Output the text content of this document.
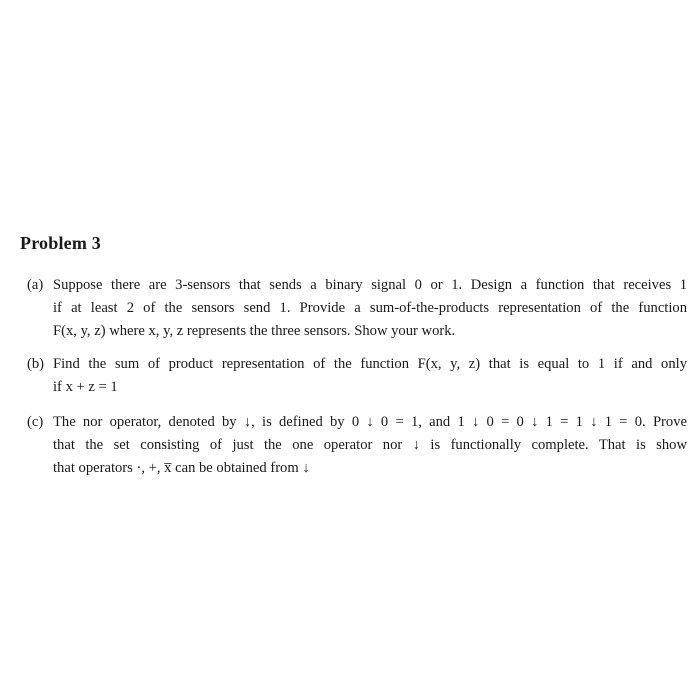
Problem 3
(a) Suppose there are 3-sensors that sends a binary signal 0 or 1. Design a function that receives 1
if at least 2 of the sensors send 1. Provide a sum-of-the-products representation of the function
F(x, y, z) where x, y, z represents the three sensors. Show your work.
(b) Find the sum of product representation of the function F(x, y, z) that is equal to 1 if and only
if x + z = 1
(c) The nor operator, denoted by ↓, is defined by 0 ↓ 0 = 1, and 1 ↓ 0 = 0 ↓ 1 = 1 ↓ 1 = 0. Prove
that the set consisting of just the one operator nor ↓ is functionally complete. That is show
that operators ·, +, x̅ can be obtained from ↓
